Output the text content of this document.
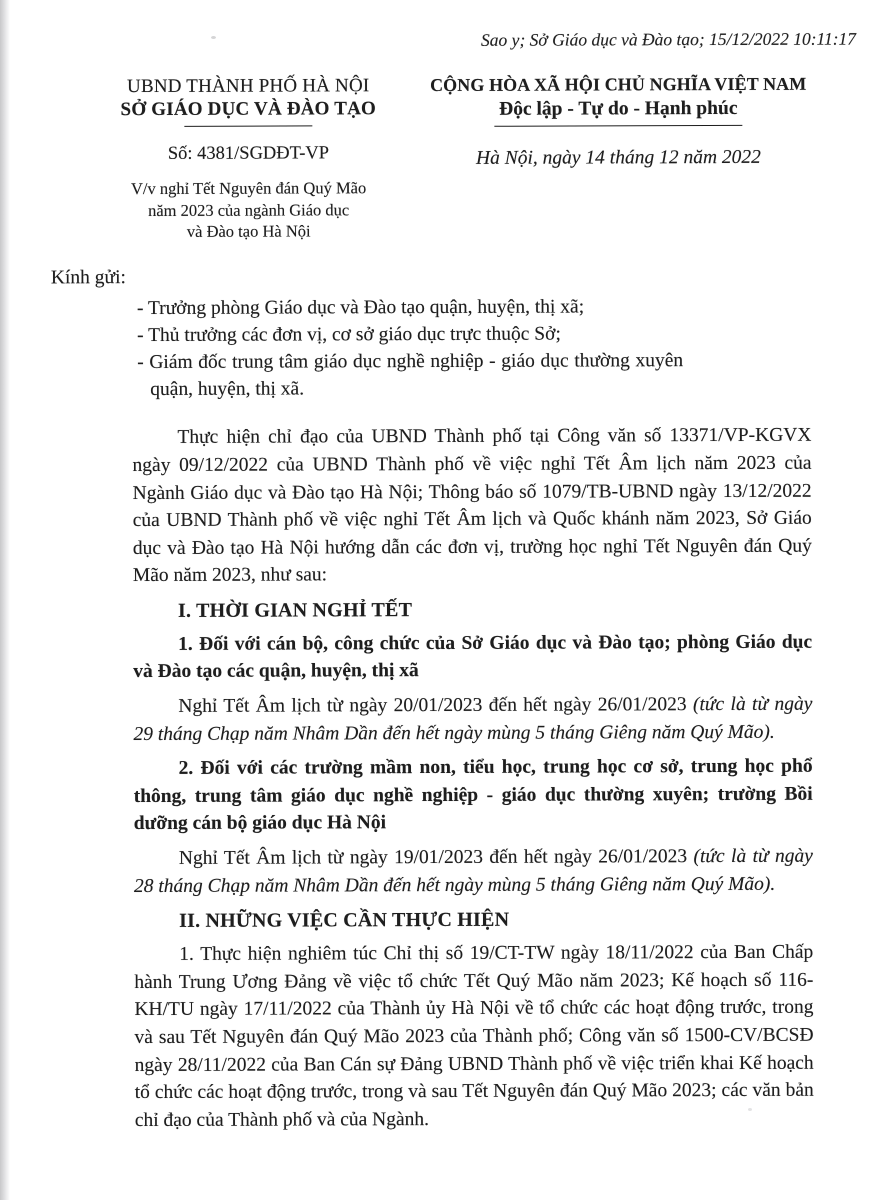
Sao y; Sở Giáo dục và Đào tạo; 15/12/2022 10:11:17
UBND THÀNH PHỐ HÀ NỘI
SỞ GIÁO DỤC VÀ ĐÀO TẠO
Số: 4381/SGDĐT-VP
V/v nghỉ Tết Nguyên đán Quý Mão
năm 2023 của ngành Giáo dục
và Đào tạo Hà Nội
CỘNG HÒA XÃ HỘI CHỦ NGHĨA VIỆT NAM
Độc lập - Tự do - Hạnh phúc
Hà Nội, ngày 14 tháng 12 năm 2022
Kính gửi:
- Trưởng phòng Giáo dục và Đào tạo quận, huyện, thị xã;
- Thủ trưởng các đơn vị, cơ sở giáo dục trực thuộc Sở;
- Giám đốc trung tâm giáo dục nghề nghiệp - giáo dục thường xuyên quận, huyện, thị xã.

Thực hiện chỉ đạo của UBND Thành phố tại Công văn số 13371/VP-KGVX ngày 09/12/2022 của UBND Thành phố về việc nghỉ Tết Âm lịch năm 2023 của Ngành Giáo dục và Đào tạo Hà Nội; Thông báo số 1079/TB-UBND ngày 13/12/2022 của UBND Thành phố về việc nghỉ Tết Âm lịch và Quốc khánh năm 2023, Sở Giáo dục và Đào tạo Hà Nội hướng dẫn các đơn vị, trường học nghỉ Tết Nguyên đán Quý Mão năm 2023, như sau:

I. THỜI GIAN NGHỈ TẾT

1. Đối với cán bộ, công chức của Sở Giáo dục và Đào tạo; phòng Giáo dục và Đào tạo các quận, huyện, thị xã

Nghỉ Tết Âm lịch từ ngày 20/01/2023 đến hết ngày 26/01/2023 (tức là từ ngày 29 tháng Chạp năm Nhâm Dần đến hết ngày mùng 5 tháng Giêng năm Quý Mão).

2. Đối với các trường mầm non, tiểu học, trung học cơ sở, trung học phổ thông, trung tâm giáo dục nghề nghiệp - giáo dục thường xuyên; trường Bồi dưỡng cán bộ giáo dục Hà Nội

Nghỉ Tết Âm lịch từ ngày 19/01/2023 đến hết ngày 26/01/2023 (tức là từ ngày 28 tháng Chạp năm Nhâm Dần đến hết ngày mùng 5 tháng Giêng năm Quý Mão).

II. NHỮNG VIỆC CẦN THỰC HIỆN

1. Thực hiện nghiêm túc Chỉ thị số 19/CT-TW ngày 18/11/2022 của Ban Chấp hành Trung Ương Đảng về việc tổ chức Tết Quý Mão năm 2023; Kế hoạch số 116-KH/TU ngày 17/11/2022 của Thành ủy Hà Nội về tổ chức các hoạt động trước, trong và sau Tết Nguyên đán Quý Mão 2023 của Thành phố; Công văn số 1500-CV/BCSĐ ngày 28/11/2022 của Ban Cán sự Đảng UBND Thành phố về việc triển khai Kế hoạch tổ chức các hoạt động trước, trong và sau Tết Nguyên đán Quý Mão 2023; các văn bản chỉ đạo của Thành phố và của Ngành.
